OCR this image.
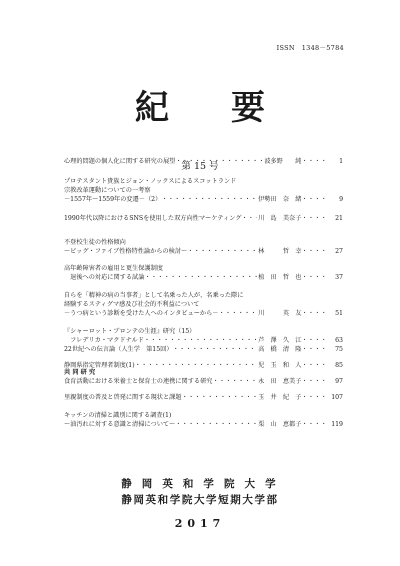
ISSN　1348－5784
紀要
第 15 号
心理的問題の個人化に関する研究の展望 ・・・・・・・・・・・・・・・・・・・・・・・・・・・・・・・・・・・・・・・・・・・・・・・・・・・・・・・・・・・・・・・・・・・・・・・・・・	波多野　　純 ・・・・	1
プロテスタント貴族とジョン・ノックスによるスコットランド
宗教改革運動についての一考察
－1557年～1559年の変遷－（2） ・・・・・・・・・・・・・・・・・・・・・・・・・・・・・・・・・・・・・・・・・・・・・・・・・・・・・・・・・・・・・・・・・・・・・・・・・・	伊勢田　奈　緒 ・・・・	9
1990年代以降におけるSNSを使用した双方向性マーケティング ・・・・・・・・・・・・・・・・・・・・・・・・・・・・・・・・・・・・・・・・・・・・・・・・・・・・・・・・・・・・・・・・・・・・・・・・・・	川　島　美奈子 ・・・・	21
不登校生徒の性格傾向
～ビッグ・ファイブ性格特性論からの検討～ ・・・・・・・・・・・・・・・・・・・・・・・・・・・・・・・・・・・・・・・・・・・・・・・・・・・・・・・・・・・・・・・・・・・・・・・・・・	林　　　哲　幸 ・・・・	27
高年齢障害者の雇用と更生保護制度
　退後への対応に関する試論 ・・・・・・・・・・・・・・・・・・・・・・・・・・・・・・・・・・・・・・・・・・・・・・・・・・・・・・・・・・・・・・・・・・・・・・・・・・	植　田　哲　也 ・・・・	37
自らを「精神の病の当事者」として名乗った人が、名乗った際に
経験するスティグマ感及び社会的不利益について
－うつ病という診断を受けた人へのインタビューから－ ・・・・・・・・・・・・・・・・・・・・・・・・・・・・・・・・・・・・・・・・・・・・・・・・・・・・・・・・・・・・・・・・・・・・・・・・・・	川　　　英　友 ・・・・	51
『シャーロット・ブロンテの生涯』研究（15）
　フレデリカ・マクドナルド ・・・・・・・・・・・・・・・・・・・・・・・・・・・・・・・・・・・・・・・・・・・・・・・・・・・・・・・・・・・・・・・・・・・・・・・・・・	芦　澤　久　江 ・・・・	63
22世紀への伝言論（人生学　第15回） ・・・・・・・・・・・・・・・・・・・・・・・・・・・・・・・・・・・・・・・・・・・・・・・・・・・・・・・・・・・・・・・・・・・・・・・・・・	高　橋　清　隆 ・・・・	75
静岡県指定管理者制度(1) ・・・・・・・・・・・・・・・・・・・・・・・・・・・・・・・・・・・・・・・・・・・・・・・・・・・・・・・・・・・・・・・・・・・・・・・・・・	児　玉　和　人 ・・・・	85
共 同 研 究
食育活動における栄養士と保育士の連携に関する研究 ・・・・・・・・・・・・・・・・・・・・・・・・・・・・・・・・・・・・・・・・・・・・・・・・・・・・・・・・・・・・・・・・・・・・・・・・・・	永　田　恵美子 ・・・・	97
里親制度の普及と啓発に関する現状と課題 ・・・・・・・・・・・・・・・・・・・・・・・・・・・・・・・・・・・・・・・・・・・・・・・・・・・・・・・・・・・・・・・・・・・・・・・・・・	玉　井　紀　子 ・・・・	107
キッチンの清掃と識別に関する調査(1)
～油汚れに対する意識と清掃について～ ・・・・・・・・・・・・・・・・・・・・・・・・・・・・・・・・・・・・・・・・・・・・・・・・・・・・・・・・・・・・・・・・・・・・・・・・・・	栗　山　恵都子 ・・・・	119
静 岡 英 和 学 院 大 学
静岡英和学院大学短期大学部
2017
